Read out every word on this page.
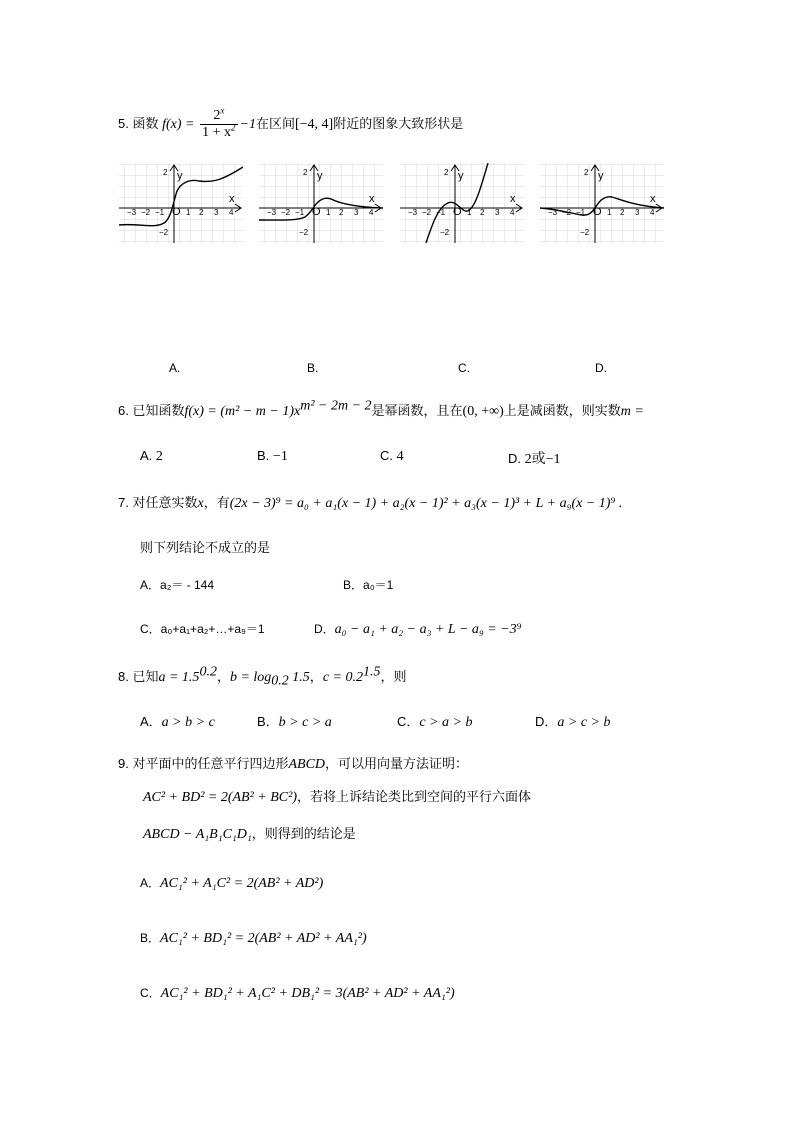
5. 函数 $f(x) = \frac{2^x}{1 + x^2} -1$在区间[−4, 4]附近的图象大致形状是
y
x
2
−2
O 1 2 3 4
−3 −2 −1
y
x
2
−2
O 1 2 3 4
−3 −2 −1
y
x
2
−2
O 1 2 3 4
−3 −2 −1
y
x
2
−2
O 1 2 3 4
−3 −2 −1
A.	B.	C.	D.
6. 已知函数$f(x) = (m^2 - m - 1)x^{m^2 - 2m - 2}$是幂函数，且在(0, +∞)上是减函数，则实数m =
A. 2	B. −1	C. 4	D. 2或−1
7. 对任意实数x，有(2x − 3)⁹ = a₀ + a₁(x − 1) + a₂(x − 1)² + a₃(x − 1)³ + L + a₉(x − 1)⁹ .
则下列结论不成立的是
A．a₂＝ - 144	B．a₀＝1
C．a₀+a₁+a₂+…+a₉＝1	D．a₀ − a₁ + a₂ − a₃ + L − a₉ = −3⁹
8. 已知$a = 1.5^{0.2}$，$b = \log_{0.2} 1.5$，$c = 0.2^{1.5}$，则
A．a > b > c	B．b > c > a	C．c > a > b	D．a > c > b
9. 对平面中的任意平行四边形ABCD，可以用向量方法证明：
AC² + BD² = 2(AB² + BC²)，若将上诉结论类比到空间的平行六面体
ABCD − A₁B₁C₁D₁，则得到的结论是
A．AC₁² + A₁C² = 2(AB² + AD²)
B．AC₁² + BD₁² = 2(AB² + AD² + AA₁²)
C．AC₁² + BD₁² + A₁C² + DB₁² = 3(AB² + AD² + AA₁²)
